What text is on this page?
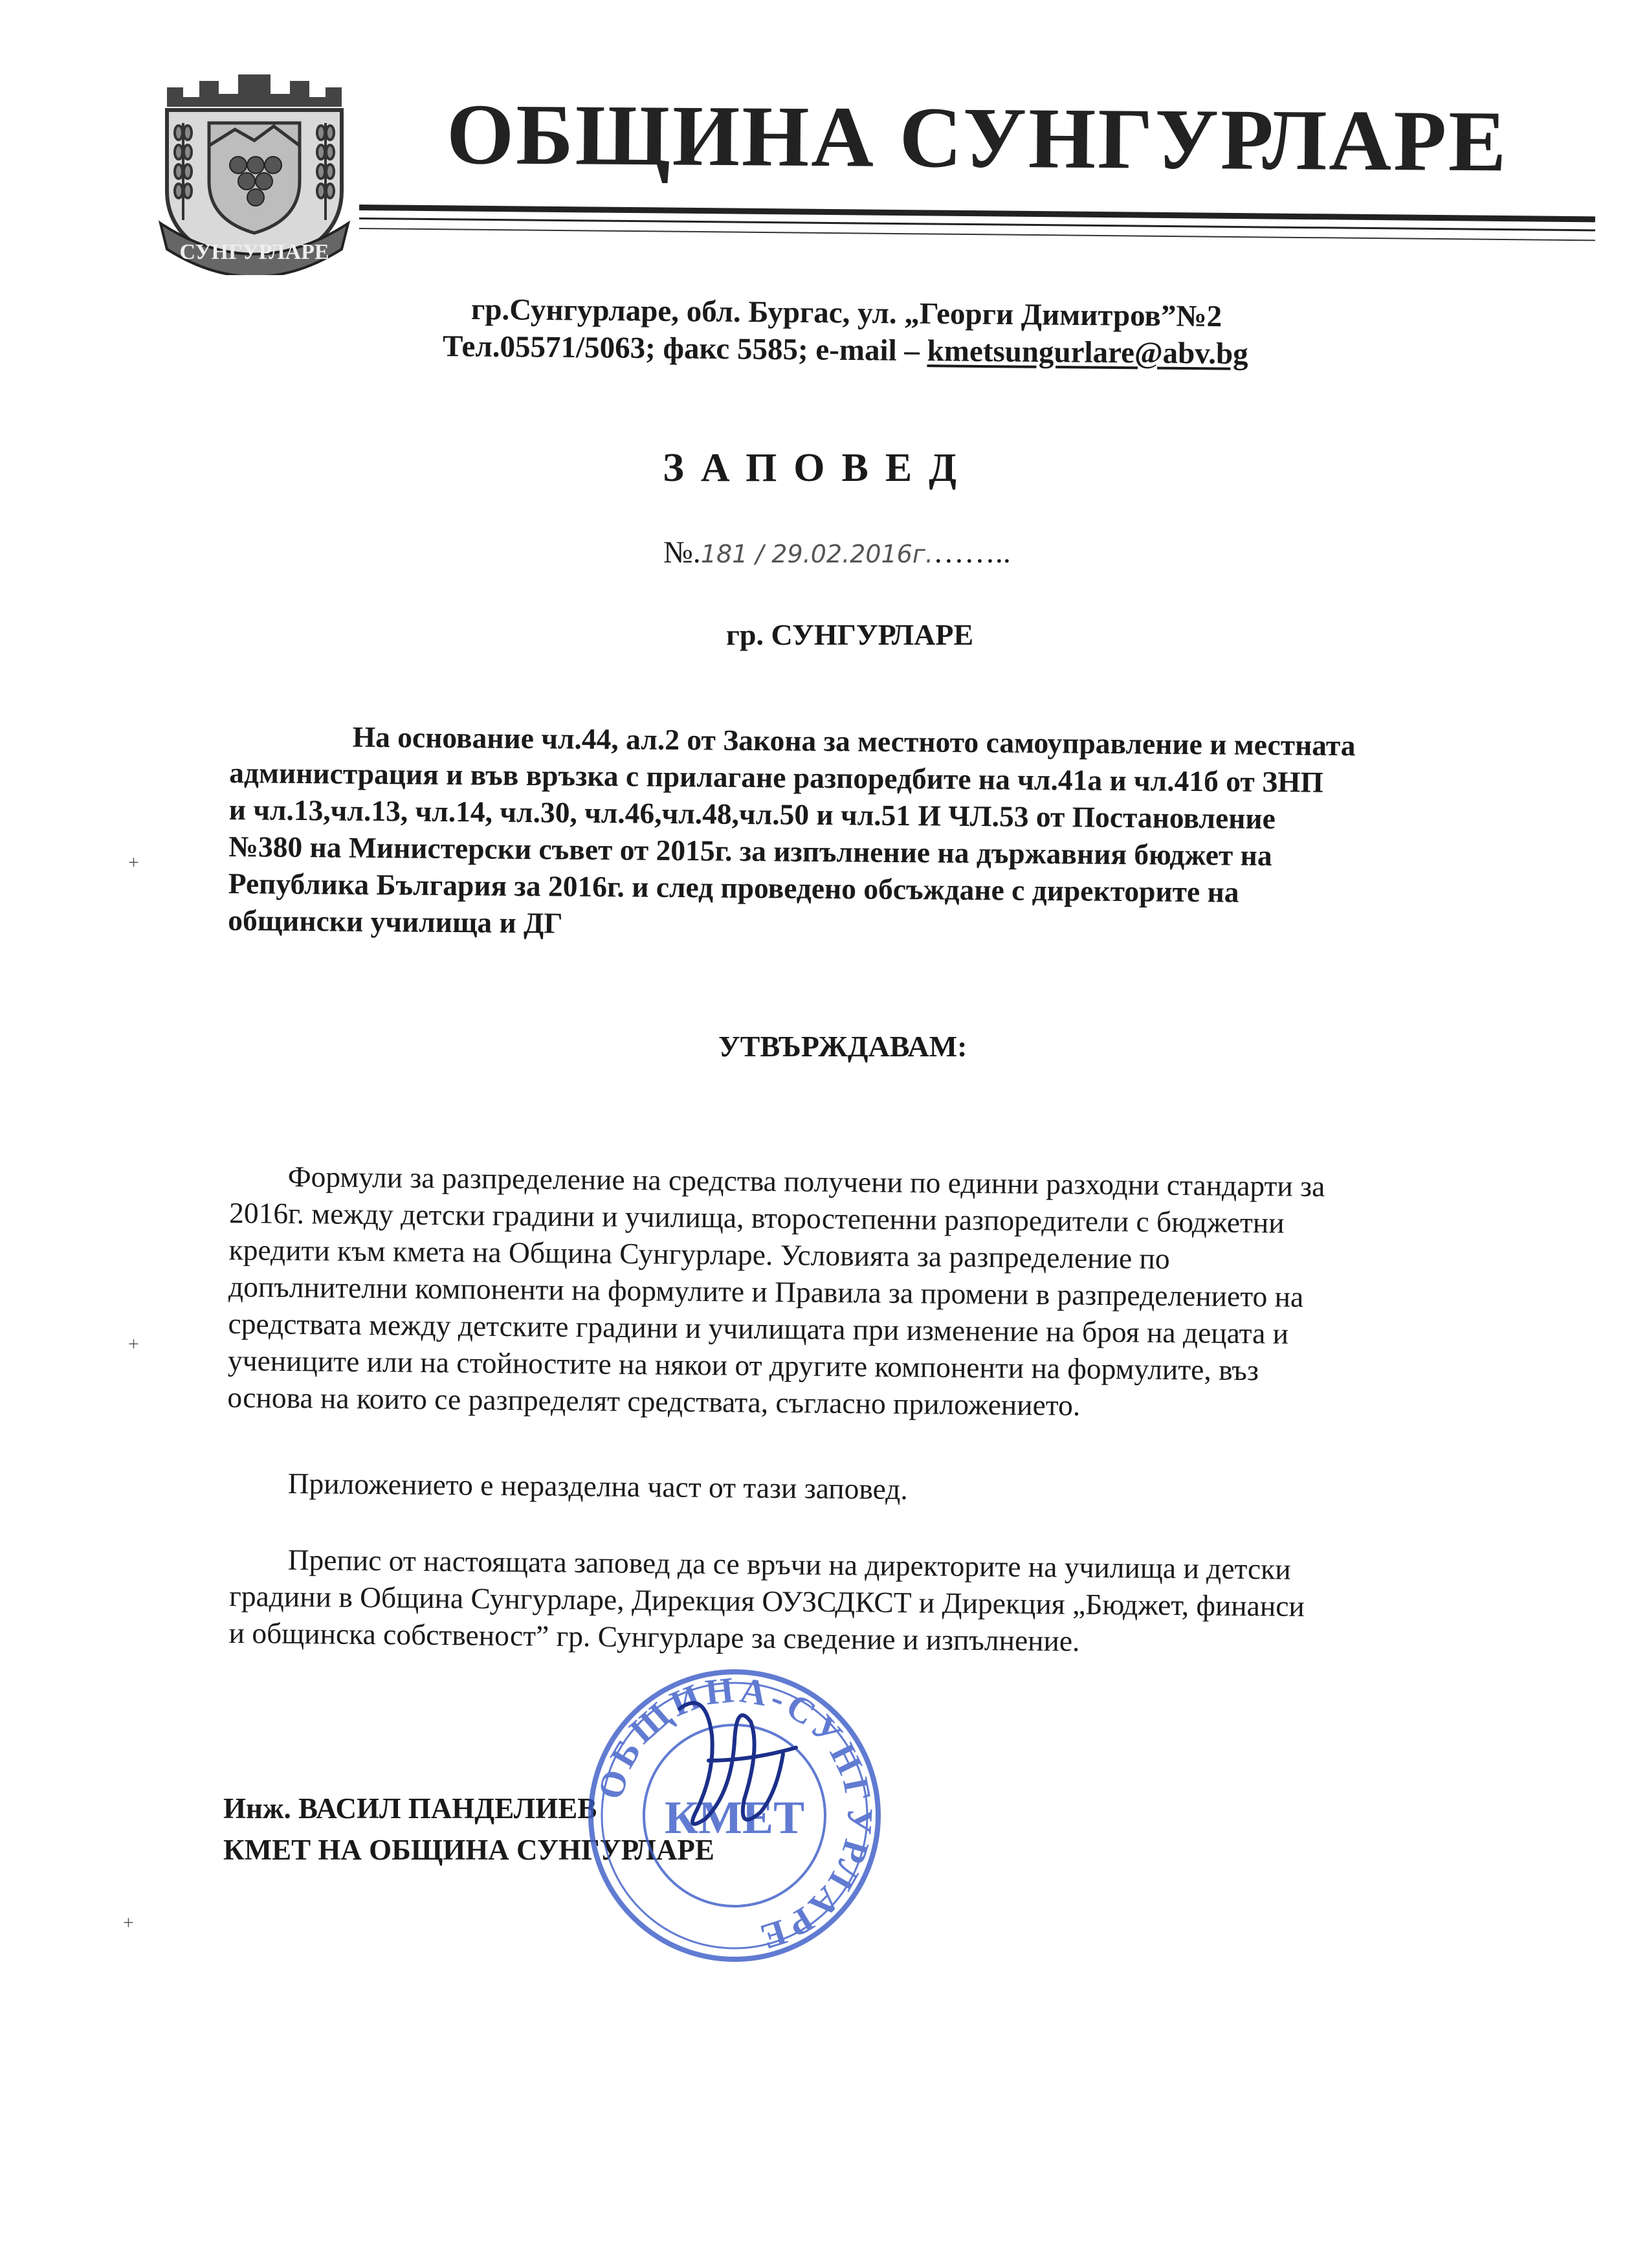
СУНГУРЛАРЕ
ОБЩИНА СУНГУРЛАРЕ
гр.Сунгурларе, обл. Бургас, ул. „Георги Димитров”№2
Тел.05571/5063; факс 5585; e-mail – kmetsungurlare@abv.bg
ЗАПОВЕД
№.181 / 29.02.2016г.……..
гр. СУНГУРЛАРЕ
На основание чл.44, ал.2 от Закона за местното самоуправление и местната
администрация и във връзка с прилагане разпоредбите на чл.41а и чл.41б от ЗНП
и чл.13,чл.13, чл.14, чл.30, чл.46,чл.48,чл.50 и чл.51 И ЧЛ.53 от Постановление
№380 на Министерски съвет от 2015г. за изпълнение на държавния бюджет на
Република България за 2016г. и след проведено обсъждане с директорите на
общински училища и ДГ
УТВЪРЖДАВАМ:
Формули за разпределение на средства получени по единни разходни стандарти за
2016г. между детски градини и училища, второстепенни разпоредители с бюджетни
кредити към кмета на Община Сунгурларе. Условията за разпределение по
допълнителни компоненти на формулите и Правила за промени в разпределението на
средствата между детските градини и училищата при изменение на броя на децата и
учениците или на стойностите на някои от другите компоненти на формулите, въз
основа на които се разпределят средствата, съгласно приложението.
Приложението е неразделна част от тази заповед.
Препис от настоящата заповед да се връчи на директорите на училища и детски
градини в Община Сунгурларе, Дирекция ОУЗСДКСТ и Дирекция „Бюджет, финанси
и общинска собственост” гр. Сунгурларе за сведение и изпълнение.
Инж. ВАСИЛ ПАНДЕЛИЕВ
КМЕТ НА ОБЩИНА СУНГУРЛАРЕ
ОБЩИНА-СУНГУРЛАРЕ
КМЕТ
+
+
+
